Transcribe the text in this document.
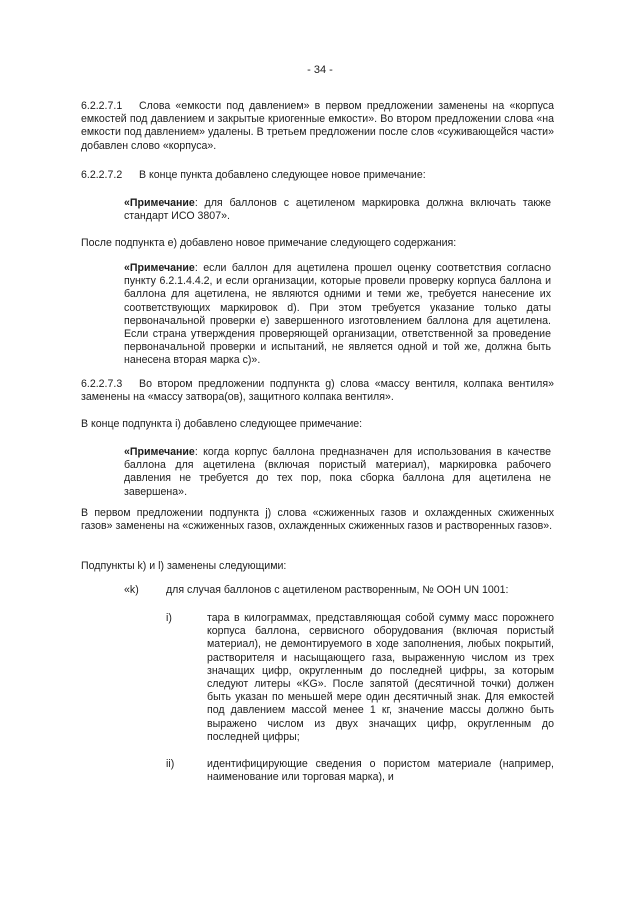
- 34 -

6.2.2.7.1 Слова «емкости под давлением» в первом предложении заменены на «корпуса емкостей под давлением и закрытые криогенные емкости». Во втором предложении слова «на емкости под давлением» удалены. В третьем предложении после слов «суживающейся части» добавлен слово «корпуса».

6.2.2.7.2 В конце пункта добавлено следующее новое примечание:

«Примечание: для баллонов с ацетиленом маркировка должна включать также стандарт ИСО 3807».

После подпункта е) добавлено новое примечание следующего содержания:

«Примечание: если баллон для ацетилена прошел оценку соответствия согласно пункту 6.2.1.4.4.2, и если организации, которые провели проверку корпуса баллона и баллона для ацетилена, не являются одними и теми же, требуется нанесение их соответствующих маркировок d). При этом требуется указание только даты первоначальной проверки e) завершенного изготовлением баллона для ацетилена. Если страна утверждения проверяющей организации, ответственной за проведение первоначальной проверки и испытаний, не является одной и той же, должна быть нанесена вторая марка c)».

6.2.2.7.3 Во втором предложении подпункта g) слова «массу вентиля, колпака вентиля» заменены на «массу затвора(ов), защитного колпака вентиля».

В конце подпункта i) добавлено следующее примечание:

«Примечание: когда корпус баллона предназначен для использования в качестве баллона для ацетилена (включая пористый материал), маркировка рабочего давления не требуется до тех пор, пока сборка баллона для ацетилена не завершена».

В первом предложении подпункта j) слова «сжиженных газов и охлажденных сжиженных газов» заменены на «сжиженных газов, охлажденных сжиженных газов и растворенных газов».

Подпункты k) и l) заменены следующими:

«k)	для случая баллонов с ацетиленом растворенным, № ООН UN 1001:

i)	тара в килограммах, представляющая собой сумму масс порожнего корпуса баллона, сервисного оборудования (включая пористый материал), не демонтируемого в ходе заполнения, любых покрытий, растворителя и насыщающего газа, выраженную числом из трех значащих цифр, округленным до последней цифры, за которым следуют литеры «KG». После запятой (десятичной точки) должен быть указан по меньшей мере один десятичный знак. Для емкостей под давлением массой менее 1 кг, значение массы должно быть выражено числом из двух значащих цифр, округленным до последней цифры;

ii)	идентифицирующие сведения о пористом материале (например, наименование или торговая марка), и
